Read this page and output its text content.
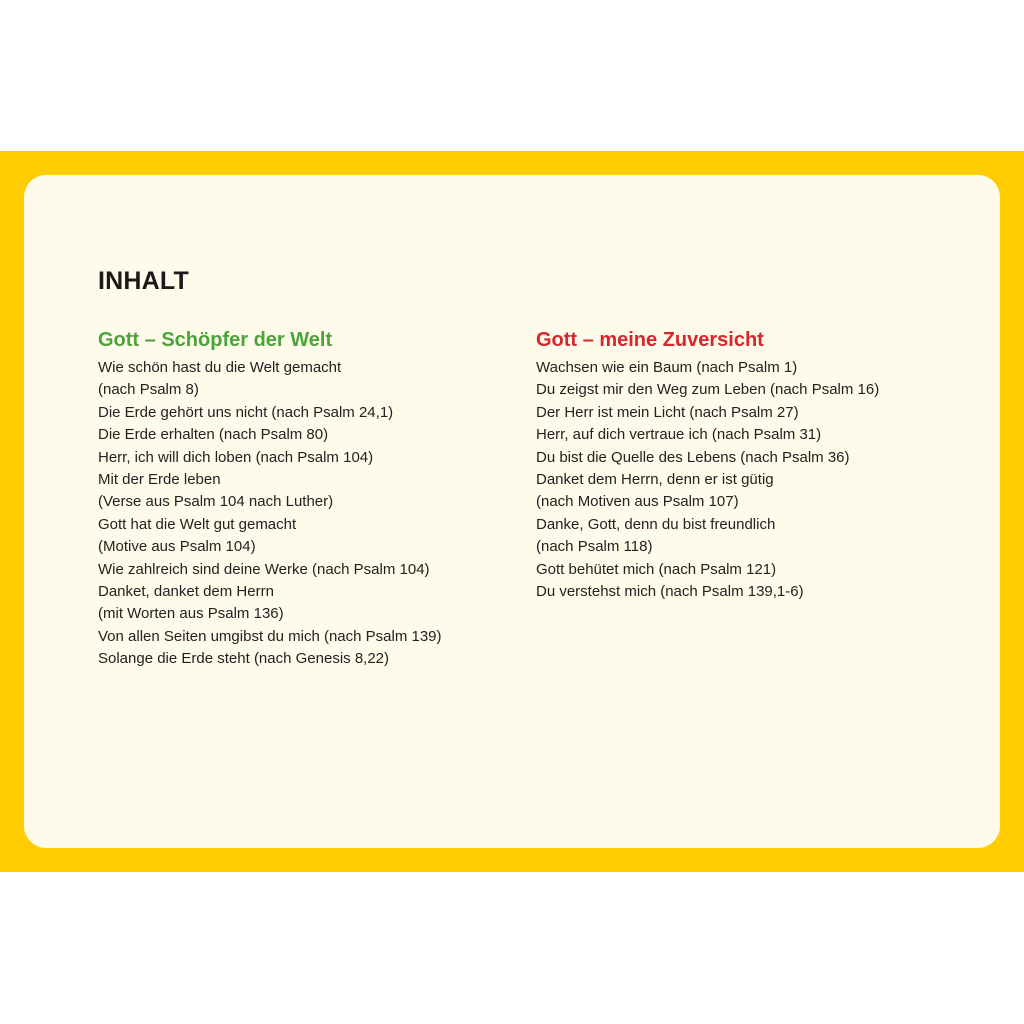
INHALT
Gott – Schöpfer der Welt
Wie schön hast du die Welt gemacht
(nach Psalm 8)
Die Erde gehört uns nicht (nach Psalm 24,1)
Die Erde erhalten (nach Psalm 80)
Herr, ich will dich loben (nach Psalm 104)
Mit der Erde leben
(Verse aus Psalm 104 nach Luther)
Gott hat die Welt gut gemacht
(Motive aus Psalm 104)
Wie zahlreich sind deine Werke (nach Psalm 104)
Danket, danket dem Herrn
(mit Worten aus Psalm 136)
Von allen Seiten umgibst du mich (nach Psalm 139)
Solange die Erde steht (nach Genesis 8,22)
Gott – meine Zuversicht
Wachsen wie ein Baum (nach Psalm 1)
Du zeigst mir den Weg zum Leben (nach Psalm 16)
Der Herr ist mein Licht (nach Psalm 27)
Herr, auf dich vertraue ich (nach Psalm 31)
Du bist die Quelle des Lebens (nach Psalm 36)
Danket dem Herrn, denn er ist gütig
(nach Motiven aus Psalm 107)
Danke, Gott, denn du bist freundlich
(nach Psalm 118)
Gott behütet mich (nach Psalm 121)
Du verstehst mich (nach Psalm 139,1-6)
